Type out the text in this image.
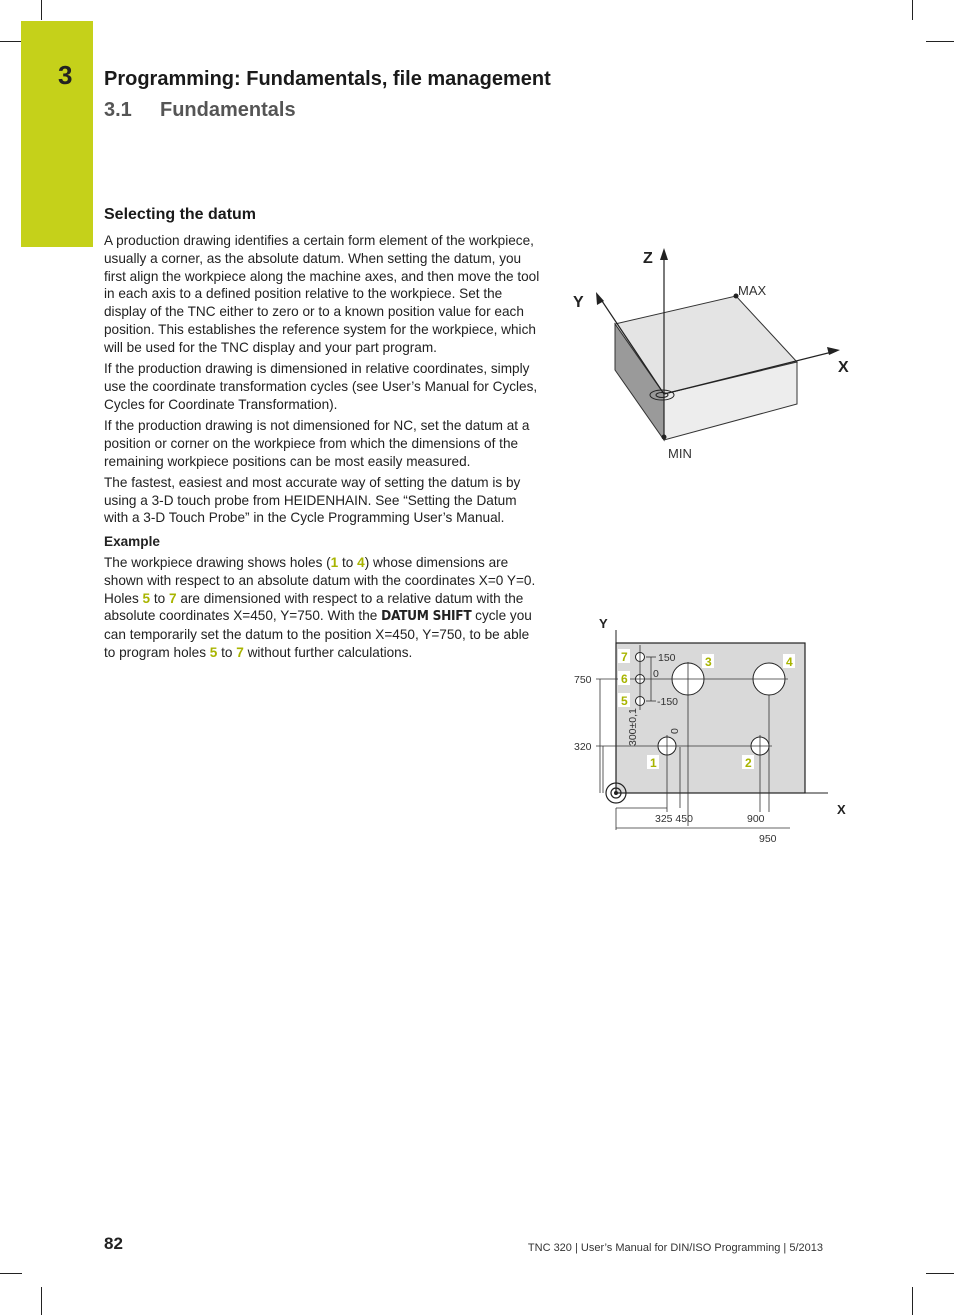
3 Programming: Fundamentals, file management
3.1 Fundamentals
Selecting the datum

A production drawing identifies a certain form element of the workpiece, usually a corner, as the absolute datum. When setting the datum, you first align the workpiece along the machine axes, and then move the tool in each axis to a defined position relative to the workpiece. Set the display of the TNC either to zero or to a known position value for each position. This establishes the reference system for the workpiece, which will be used for the TNC display and your part program.

If the production drawing is dimensioned in relative coordinates, simply use the coordinate transformation cycles (see User’s Manual for Cycles, Cycles for Coordinate Transformation).

If the production drawing is not dimensioned for NC, set the datum at a position or corner on the workpiece from which the dimensions of the remaining workpiece positions can be most easily measured.

The fastest, easiest and most accurate way of setting the datum is by using a 3-D touch probe from HEIDENHAIN. See “Setting the Datum with a 3-D Touch Probe” in the Cycle Programming User’s Manual.

Example

The workpiece drawing shows holes (1 to 4) whose dimensions are shown with respect to an absolute datum with the coordinates X=0 Y=0. Holes 5 to 7 are dimensioned with respect to a relative datum with the absolute coordinates X=450, Y=750. With the DATUM SHIFT cycle you can temporarily set the datum to the position X=450, Y=750, to be able to program holes 5 to 7 without further calculations.

Z
Y
X
MAX
MIN
Y
X
750
320
150
0
-150
300±0,1	0
325 450	900
950
1	2
3	4
5
6
7
82	TNC 320 | User’s Manual for DIN/ISO Programming | 5/2013
